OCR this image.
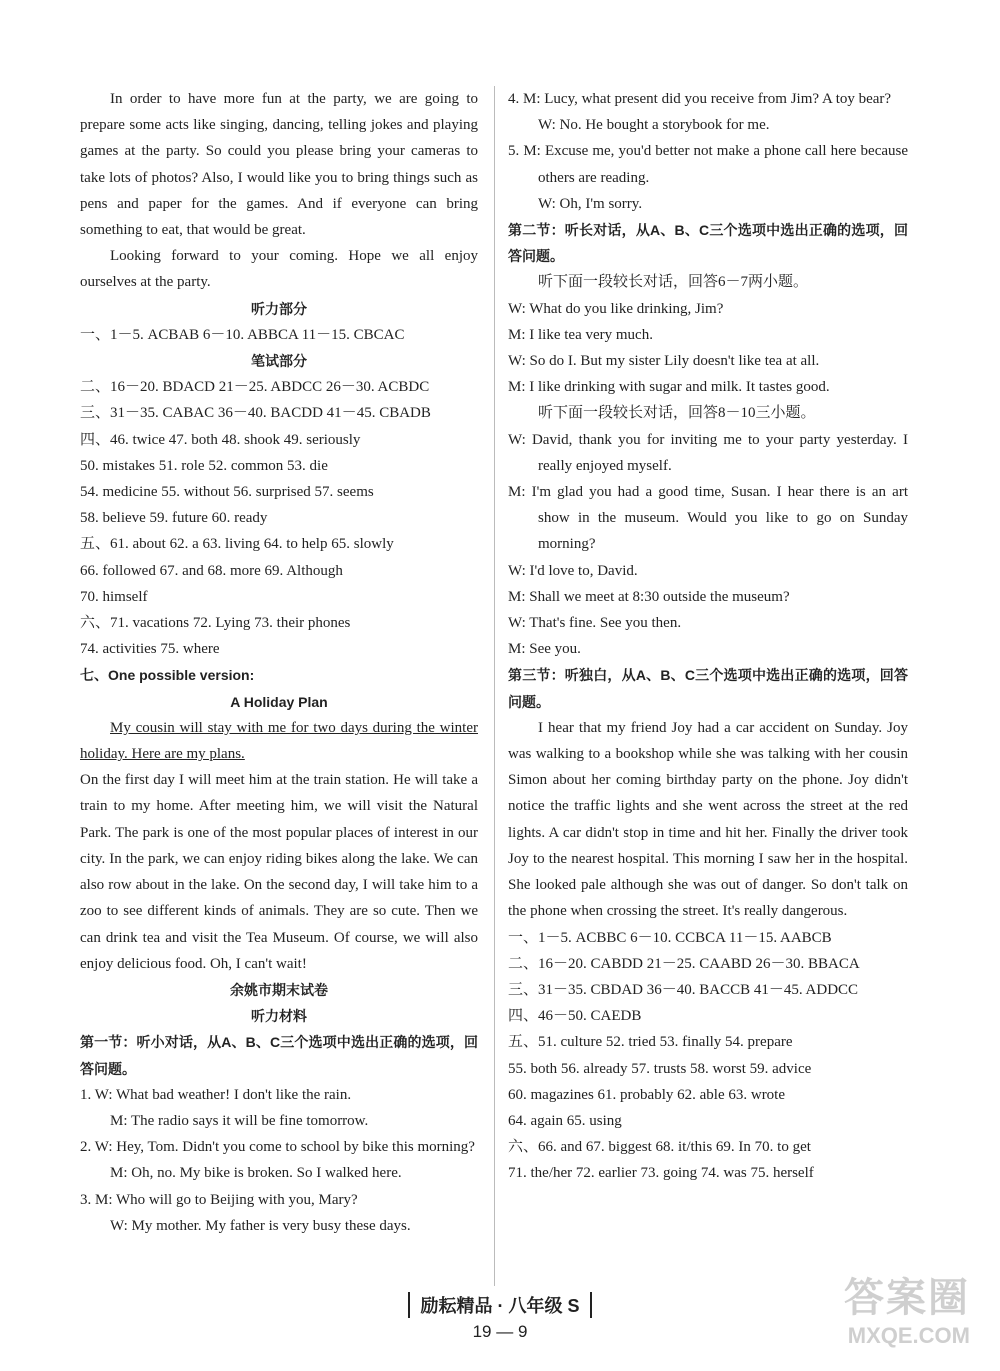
In order to have more fun at the party, we are going to prepare some acts like singing, dancing, telling jokes and playing games at the party. So could you please bring your cameras to take lots of photos? Also, I would like you to bring things such as pens and paper for the games. And if everyone can bring something to eat, that would be great.

Looking forward to your coming. Hope we all enjoy ourselves at the party.

听力部分

一、1－5. ACBAB 6－10. ABBCA 11－15. CBCAC

笔试部分

二、16－20. BDACD 21－25. ABDCC 26－30. ACBDC

三、31－35. CABAC 36－40. BACDD 41－45. CBADB

四、46. twice 47. both 48. shook 49. seriously

50. mistakes 51. role 52. common 53. die

54. medicine 55. without 56. surprised 57. seems

58. believe 59. future 60. ready

五、61. about 62. a 63. living 64. to help 65. slowly

66. followed 67. and 68. more 69. Although

70. himself

六、71. vacations 72. Lying 73. their phones

74. activities 75. where

七、One possible version:

A Holiday Plan

My cousin will stay with me for two days during the winter holiday. Here are my plans.

On the first day I will meet him at the train station. He will take a train to my home. After meeting him, we will visit the Natural Park. The park is one of the most popular places of interest in our city. In the park, we can enjoy riding bikes along the lake. We can also row about in the lake. On the second day, I will take him to a zoo to see different kinds of animals. They are so cute. Then we can drink tea and visit the Tea Museum. Of course, we will also enjoy delicious food. Oh, I can't wait!

余姚市期末试卷

听力材料

第一节：听小对话，从A、B、C三个选项中选出正确的选项，回答问题。

1. W: What bad weather! I don't like the rain.

M: The radio says it will be fine tomorrow.

2. W: Hey, Tom. Didn't you come to school by bike this morning?

M: Oh, no. My bike is broken. So I walked here.

3. M: Who will go to Beijing with you, Mary?

W: My mother. My father is very busy these days.

4. M: Lucy, what present did you receive from Jim? A toy bear?

W: No. He bought a storybook for me.

5. M: Excuse me, you'd better not make a phone call here because others are reading.

W: Oh, I'm sorry.

第二节：听长对话，从A、B、C三个选项中选出正确的选项，回答问题。

听下面一段较长对话，回答6－7两小题。

W: What do you like drinking, Jim?

M: I like tea very much.

W: So do I. But my sister Lily doesn't like tea at all.

M: I like drinking with sugar and milk. It tastes good.

听下面一段较长对话，回答8－10三小题。

W: David, thank you for inviting me to your party yesterday. I really enjoyed myself.

M: I'm glad you had a good time, Susan. I hear there is an art show in the museum. Would you like to go on Sunday morning?

W: I'd love to, David.

M: Shall we meet at 8:30 outside the museum?

W: That's fine. See you then.

M: See you.

第三节：听独白，从A、B、C三个选项中选出正确的选项，回答问题。

I hear that my friend Joy had a car accident on Sunday. Joy was walking to a bookshop while she was talking with her cousin Simon about her coming birthday party on the phone. Joy didn't notice the traffic lights and she went across the street at the red lights. A car didn't stop in time and hit her. Finally the driver took Joy to the nearest hospital. This morning I saw her in the hospital. She looked pale although she was out of danger. So don't talk on the phone when crossing the street. It's really dangerous.

一、1－5. ACBBC 6－10. CCBCA 11－15. AABCB

二、16－20. CABDD 21－25. CAABD 26－30. BBACA

三、31－35. CBDAD 36－40. BACCB 41－45. ADDCC

四、46－50. CAEDB

五、51. culture 52. tried 53. finally 54. prepare

55. both 56. already 57. trusts 58. worst 59. advice

60. magazines 61. probably 62. able 63. wrote

64. again 65. using

六、66. and 67. biggest 68. it/this 69. In 70. to get

71. the/her 72. earlier 73. going 74. was 75. herself

励耘精品 · 八年级 S
19 — 9
答案圈
MXQE.COM
